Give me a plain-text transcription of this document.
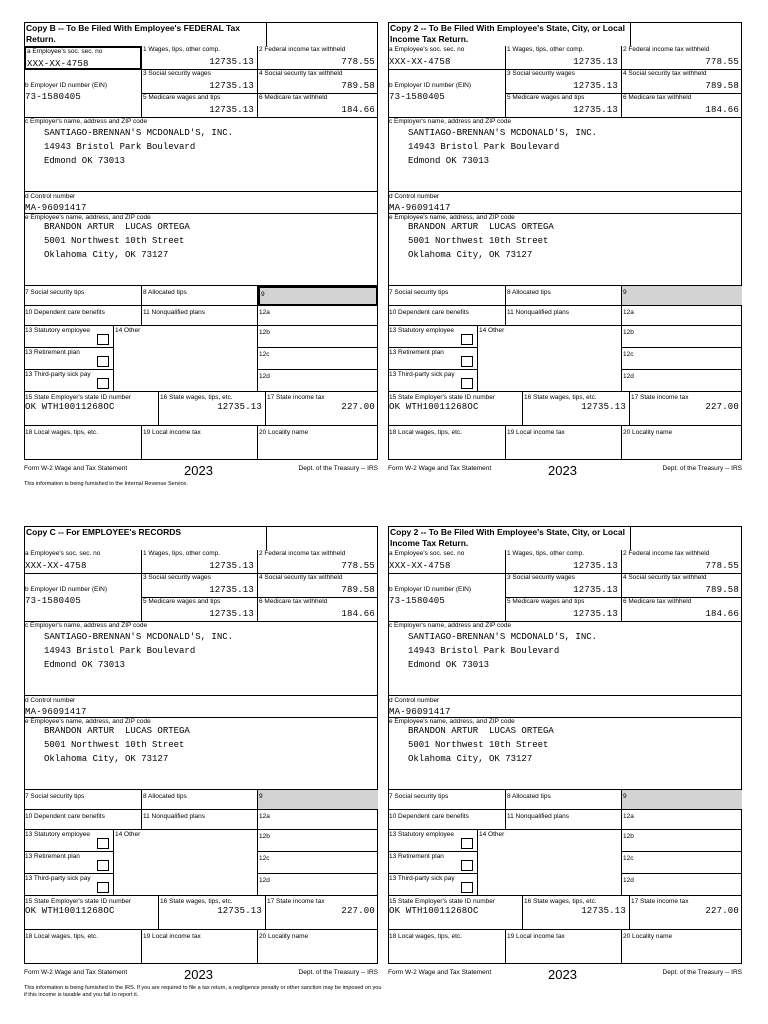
Copy B -- To Be Filed With Employee's FEDERAL Tax Return.
a Employee's soc. sec. no
XXX-XX-4758
1 Wages, tips, other comp.
12735.13
2 Federal income tax withheld
778.55
3 Social security wages
12735.13
4 Social security tax withheld
789.58
b Employer ID number (EIN)
73-1580405	5 Medicare wages and tips
12735.13
6 Medicare tax withheld
184.66
c Employer's name, address and ZIP code
SANTIAGO-BRENNAN'S MCDONALD'S, INC.
14943 Bristol Park Boulevard
Edmond OK 73013
d Control number
MA-96091417
e Employee's name, address, and ZIP code
BRANDON ARTUR  LUCAS ORTEGA
5001 Northwest 10th Street
Oklahoma City, OK 73127
7 Social security tips	8 Allocated tips	9
10 Dependent care benefits	11 Nonqualified plans	12a
13 Statutory employee	14 Other
13 Retirement plan
13 Third-party sick pay
12b
12c
12d
15 State Employer's state ID number
OK WTH10011268OC
16 State wages, tips, etc.
12735.13
17 State income tax
227.00
18 Local wages, tips, etc.	19 Local income tax	20 Locality name
Form W-2 Wage and Tax Statement	2023	Dept. of the Treasury -- IRS
This information is being furnished to the Internal Revenue Service.
Copy 2 -- To Be Filed With Employee's State, City, or Local Income Tax Return.
a Employee's soc. sec. no
XXX-XX-4758
1 Wages, tips, other comp.
12735.13
2 Federal income tax withheld
778.55
3 Social security wages
12735.13
4 Social security tax withheld
789.58
b Employer ID number (EIN)
73-1580405	5 Medicare wages and tips
12735.13
6 Medicare tax withheld
184.66
c Employer's name, address and ZIP code
SANTIAGO-BRENNAN'S MCDONALD'S, INC.
14943 Bristol Park Boulevard
Edmond OK 73013
d Control number
MA-96091417
e Employee's name, address, and ZIP code
BRANDON ARTUR  LUCAS ORTEGA
5001 Northwest 10th Street
Oklahoma City, OK 73127
7 Social security tips	8 Allocated tips	9
10 Dependent care benefits	11 Nonqualified plans	12a
13 Statutory employee	14 Other
13 Retirement plan
13 Third-party sick pay
12b
12c
12d
15 State Employer's state ID number
OK WTH10011268OC
16 State wages, tips, etc.
12735.13
17 State income tax
227.00
18 Local wages, tips, etc.	19 Local income tax	20 Locality name
Form W-2 Wage and Tax Statement	2023	Dept. of the Treasury -- IRS
Copy C -- For EMPLOYEE's RECORDS
a Employee's soc. sec. no
XXX-XX-4758
1 Wages, tips, other comp.
12735.13
2 Federal income tax withheld
778.55
3 Social security wages
12735.13
4 Social security tax withheld
789.58
b Employer ID number (EIN)
73-1580405	5 Medicare wages and tips
12735.13
6 Medicare tax withheld
184.66
c Employer's name, address and ZIP code
SANTIAGO-BRENNAN'S MCDONALD'S, INC.
14943 Bristol Park Boulevard
Edmond OK 73013
d Control number
MA-96091417
e Employee's name, address, and ZIP code
BRANDON ARTUR  LUCAS ORTEGA
5001 Northwest 10th Street
Oklahoma City, OK 73127
7 Social security tips	8 Allocated tips	9
10 Dependent care benefits	11 Nonqualified plans	12a
13 Statutory employee	14 Other
13 Retirement plan
13 Third-party sick pay
12b
12c
12d
15 State Employer's state ID number
OK WTH10011268OC
16 State wages, tips, etc.
12735.13
17 State income tax
227.00
18 Local wages, tips, etc.	19 Local income tax	20 Locality name
Form W-2 Wage and Tax Statement	2023	Dept. of the Treasury -- IRS
This information is being furnished to the IRS. If you are required to file a tax return, a negligence penalty or other sanction may be imposed on you if this income is taxable and you fail to report it.
Copy 2 -- To Be Filed With Employee's State, City, or Local Income Tax Return.
a Employee's soc. sec. no
XXX-XX-4758
1 Wages, tips, other comp.
12735.13
2 Federal income tax withheld
778.55
3 Social security wages
12735.13
4 Social security tax withheld
789.58
b Employer ID number (EIN)
73-1580405	5 Medicare wages and tips
12735.13
6 Medicare tax withheld
184.66
c Employer's name, address and ZIP code
SANTIAGO-BRENNAN'S MCDONALD'S, INC.
14943 Bristol Park Boulevard
Edmond OK 73013
d Control number
MA-96091417
e Employee's name, address, and ZIP code
BRANDON ARTUR  LUCAS ORTEGA
5001 Northwest 10th Street
Oklahoma City, OK 73127
7 Social security tips	8 Allocated tips	9
10 Dependent care benefits	11 Nonqualified plans	12a
13 Statutory employee	14 Other
13 Retirement plan
13 Third-party sick pay
12b
12c
12d
15 State Employer's state ID number
OK WTH10011268OC
16 State wages, tips, etc.
12735.13
17 State income tax
227.00
18 Local wages, tips, etc.	19 Local income tax	20 Locality name
Form W-2 Wage and Tax Statement	2023	Dept. of the Treasury -- IRS
